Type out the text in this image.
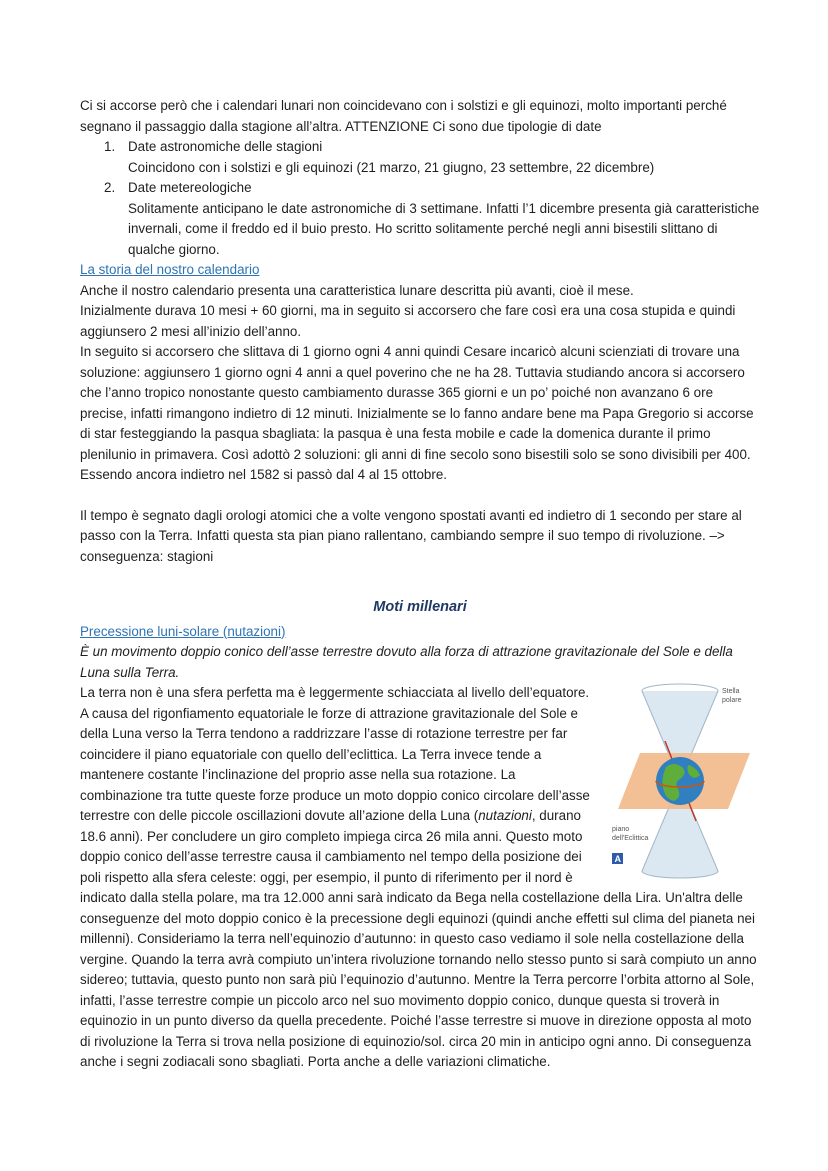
Ci si accorse però che i calendari lunari non coincidevano con i solstizi e gli equinozi, molto importanti perché segnano il passaggio dalla stagione all’altra. ATTENZIONE Ci sono due tipologie di date

1. Date astronomiche delle stagioni
Coincidono con i solstizi e gli equinozi (21 marzo, 21 giugno, 23 settembre, 22 dicembre)
2. Date metereologiche
Solitamente anticipano le date astronomiche di 3 settimane. Infatti l’1 dicembre presenta già caratteristiche invernali, come il freddo ed il buio presto. Ho scritto solitamente perché negli anni bisestili slittano di qualche giorno.

La storia del nostro calendario

Anche il nostro calendario presenta una caratteristica lunare descritta più avanti, cioè il mese.

Inizialmente durava 10 mesi + 60 giorni, ma in seguito si accorsero che fare così era una cosa stupida e quindi aggiunsero 2 mesi all’inizio dell’anno.

In seguito si accorsero che slittava di 1 giorno ogni 4 anni quindi Cesare incaricò alcuni scienziati di trovare una soluzione: aggiunsero 1 giorno ogni 4 anni a quel poverino che ne ha 28. Tuttavia studiando ancora si accorsero che l’anno tropico nonostante questo cambiamento durasse 365 giorni e un po’ poiché non avanzano 6 ore precise, infatti rimangono indietro di 12 minuti. Inizialmente se lo fanno andare bene ma Papa Gregorio si accorse di star festeggiando la pasqua sbagliata: la pasqua è una festa mobile e cade la domenica durante il primo plenilunio in primavera. Così adottò 2 soluzioni: gli anni di fine secolo sono bisestili solo se sono divisibili per 400. Essendo ancora indietro nel 1582 si passò dal 4 al 15 ottobre.

Il tempo è segnato dagli orologi atomici che a volte vengono spostati avanti ed indietro di 1 secondo per stare al passo con la Terra. Infatti questa sta pian piano rallentano, cambiando sempre il suo tempo di rivoluzione. –> conseguenza: stagioni

Moti millenari

Precessione luni-solare (nutazioni)

È un movimento doppio conico dell’asse terrestre dovuto alla forza di attrazione gravitazionale del Sole e della Luna sulla Terra.

Stella
polare
piano
dell'Eclittica
A

La terra non è una sfera perfetta ma è leggermente schiacciata al livello dell’equatore. A causa del rigonfiamento equatoriale le forze di attrazione gravitazionale del Sole e della Luna verso la Terra tendono a raddrizzare l’asse di rotazione terrestre per far coincidere il piano equatoriale con quello dell’eclittica. La Terra invece tende a mantenere costante l’inclinazione del proprio asse nella sua rotazione. La combinazione tra tutte queste forze produce un moto doppio conico circolare dell’asse terrestre con delle piccole oscillazioni dovute all’azione della Luna (nutazioni, durano 18.6 anni). Per concludere un giro completo impiega circa 26 mila anni. Questo moto doppio conico dell’asse terrestre causa il cambiamento nel tempo della posizione dei poli rispetto alla sfera celeste: oggi, per esempio, il punto di riferimento per il nord è indicato dalla stella polare, ma tra 12.000 anni sarà indicato da Bega nella costellazione della Lira. Un'altra delle conseguenze del moto doppio conico è la precessione degli equinozi (quindi anche effetti sul clima del pianeta nei millenni). Consideriamo la terra nell’equinozio d’autunno: in questo caso vediamo il sole nella costellazione della vergine. Quando la terra avrà compiuto un’intera rivoluzione tornando nello stesso punto si sarà compiuto un anno sidereo; tuttavia, questo punto non sarà più l’equinozio d’autunno. Mentre la Terra percorre l’orbita attorno al Sole, infatti, l’asse terrestre compie un piccolo arco nel suo movimento doppio conico, dunque questa si troverà in equinozio in un punto diverso da quella precedente. Poiché l’asse terrestre si muove in direzione opposta al moto di rivoluzione la Terra si trova nella posizione di equinozio/sol. circa 20 min in anticipo ogni anno. Di conseguenza anche i segni zodiacali sono sbagliati. Porta anche a delle variazioni climatiche.
